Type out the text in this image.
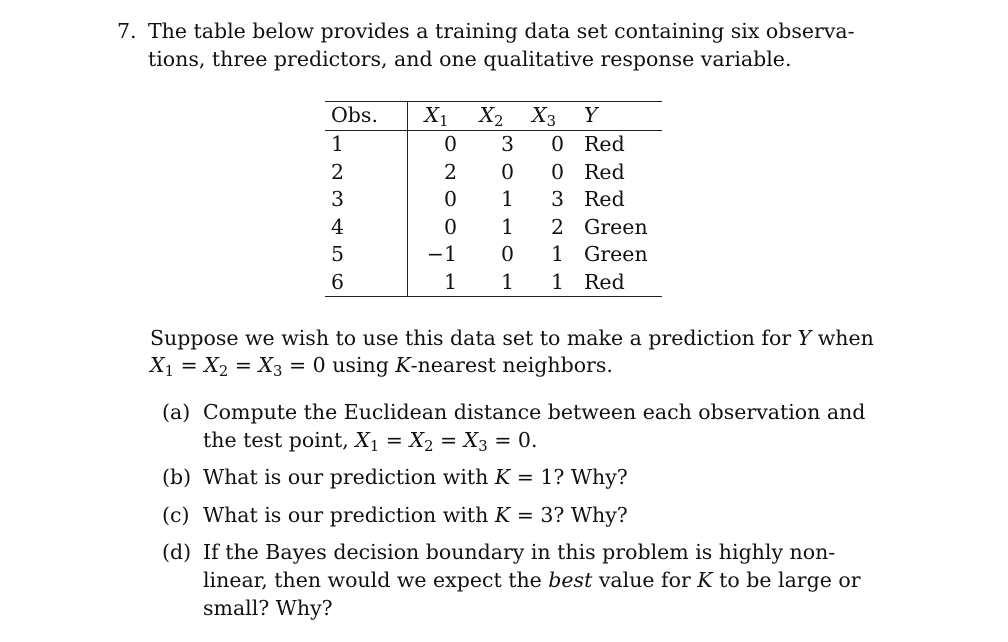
7. The table below provides a training data set containing six observa-
tions, three predictors, and one qualitative response variable.
Obs.	$X_1$	$X_2$	$X_3$	Y
1	0	3	0	Red
2	2	0	0	Red
3	0	1	3	Red
4	0	1	2	Green
5	−1	0	1	Green
6	1	1	1	Red
Suppose we wish to use this data set to make a prediction for Y when
$X_1 = X_2 = X_3 = 0$ using K-nearest neighbors.
(a) Compute the Euclidean distance between each observation and
the test point, $X_1 = X_2 = X_3 = 0$.
(b) What is our prediction with K = 1? Why?
(c) What is our prediction with K = 3? Why?
(d) If the Bayes decision boundary in this problem is highly non-
linear, then would we expect the best value for K to be large or
small? Why?
